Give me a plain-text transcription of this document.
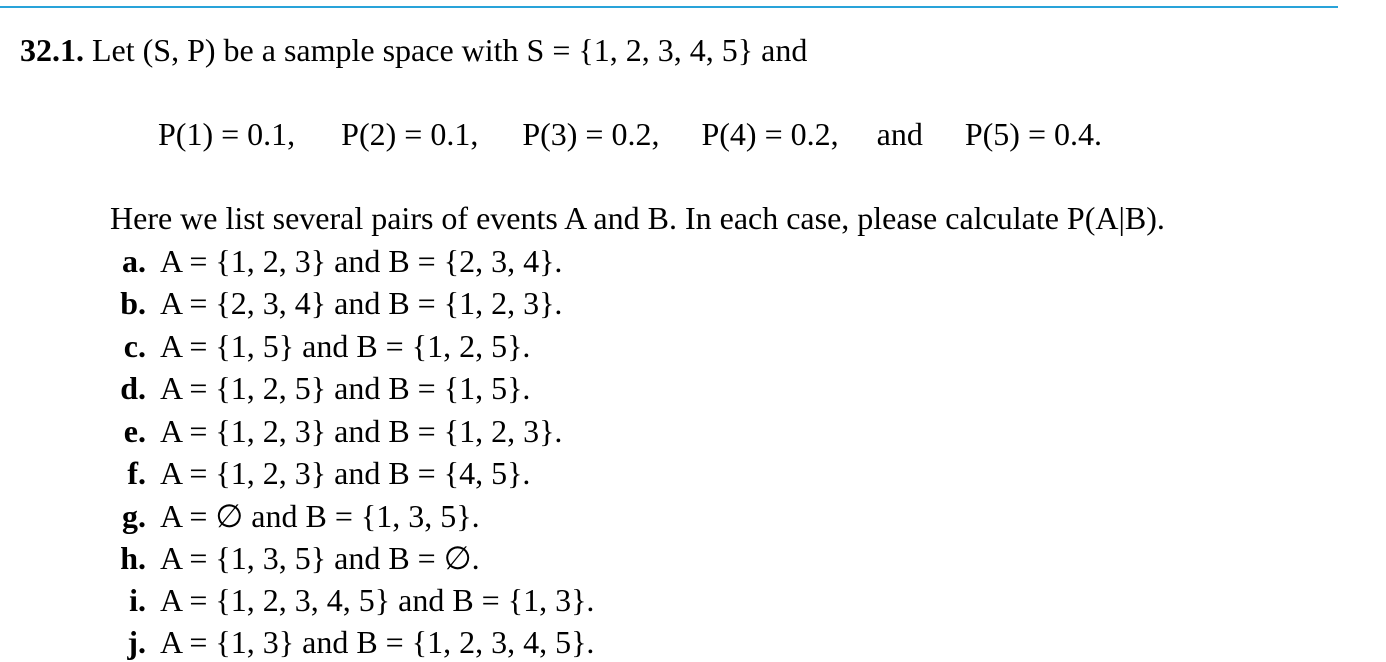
32.1. Let (S, P) be a sample space with S = {1, 2, 3, 4, 5} and
P(1) = 0.1, P(2) = 0.1, P(3) = 0.2, P(4) = 0.2, and P(5) = 0.4.
Here we list several pairs of events A and B. In each case, please calculate P(A|B).
a. A = {1, 2, 3} and B = {2, 3, 4}.
b. A = {2, 3, 4} and B = {1, 2, 3}.
c. A = {1, 5} and B = {1, 2, 5}.
d. A = {1, 2, 5} and B = {1, 5}.
e. A = {1, 2, 3} and B = {1, 2, 3}.
f. A = {1, 2, 3} and B = {4, 5}.
g. A = ∅ and B = {1, 3, 5}.
h. A = {1, 3, 5} and B = ∅.
i. A = {1, 2, 3, 4, 5} and B = {1, 3}.
j. A = {1, 3} and B = {1, 2, 3, 4, 5}.
